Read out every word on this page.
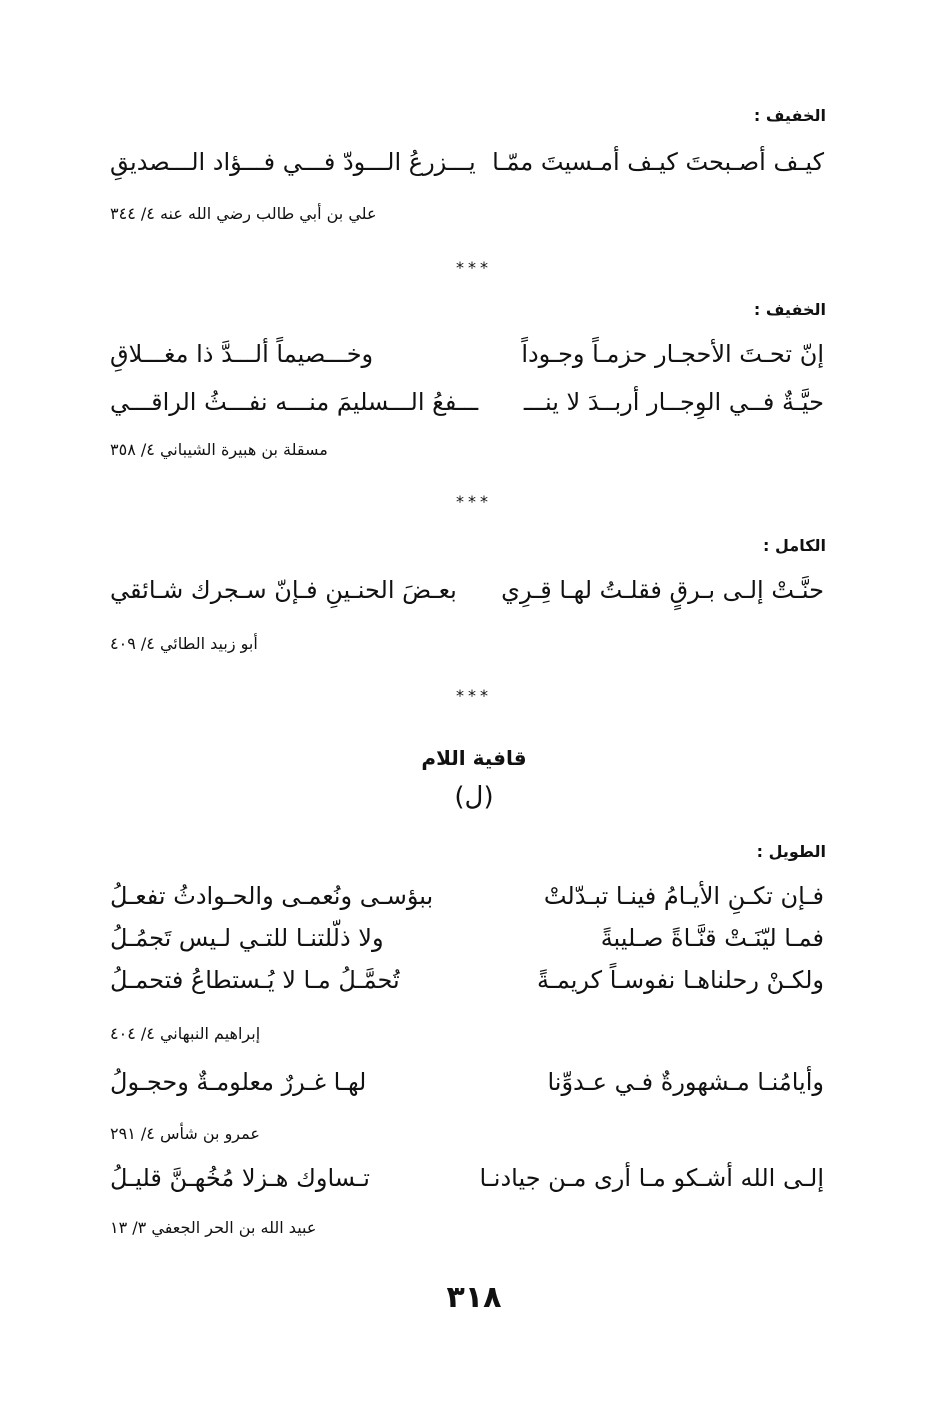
الخفيف :
كيـف أصـبحتَ كيـف أمـسيتَ ممّـا
يـــزرعُ الـــودّ فـــي فـــؤاد الـــصديقِ
علي بن أبي طالب رضي الله عنه ٤/ ٣٤٤
***
الخفيف :
إنّ تحـتَ الأحجـار حزمـاً وجـوداً
وخـــصيماً ألـــدَّ ذا مغـــلاقِ
حيَّـةٌ فــي الوِجــار أربــدَ لا ينـــ
ـــفعُ الـــسليمَ منـــه نفـــثُ الراقـــي
مسقلة بن هبيرة الشيباني ٤/ ٣٥٨
***
الكامل :
حنَّـتْ إلـى بـرقٍ فقلـتُ لهـا قِـرِي
بعـضَ الحنـينِ فـإنّ سـجرك شـائقي
أبو زبيد الطائي ٤/ ٤٠٩
***
قافية اللام
(ل)
الطويل :
فـإن تكـنِ الأيـامُ فينـا تبـدّلتْ
ببؤسـى ونُعمـى والحـوادثُ تفعـلُ
فمـا ليّنَـتْ قنَّـاةً صـليبةً
ولا ذلّلتنـا للتـي لـيس تَجمُـلُ
ولكـنْ رحلناهـا نفوسـاً كريمـةً
تُحمَّـلُ مـا لا يُـستطاعُ فتحمـلُ
إبراهيم النبهاني ٤/ ٤٠٤
وأيامُنـا مـشهورةٌ فـي عـدوِّنا
لهـا غـررٌ معلومـةٌ وحجـولُ
عمرو بن شأس ٤/ ٢٩١
إلـى الله أشـكو مـا أرى مـن جيادنـا
تـساوك هـزلا مُخُهـنَّ قليـلُ
عبيد الله بن الحر الجعفي ٣/ ١٣
٣١٨
